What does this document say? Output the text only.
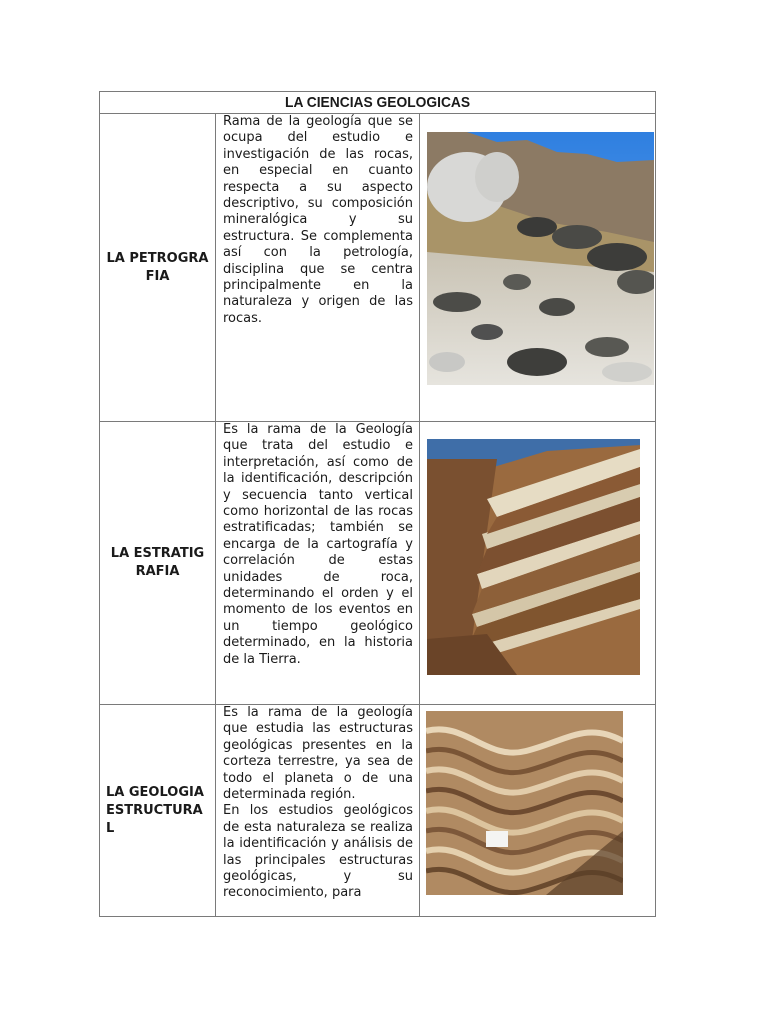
LA CIENCIAS GEOLOGICAS		
LA PETROGRAFIA	Rama de la geología que se ocupa del estudio e investigación de las rocas, en especial en cuanto respecta a su aspecto descriptivo, su composición mineralógica y su estructura. Se complementa así con la petrología, disciplina que se centra principalmente en la naturaleza y origen de las rocas.

LA ESTRATIGRAFIA	Es la rama de la Geología que trata del estudio e interpretación, así como de la identificación, descripción y secuencia tanto vertical como horizontal de las rocas estratificadas; también se encarga de la cartografía y correlación de estas unidades de roca, determinando el orden y el momento de los eventos en un tiempo geológico determinado, en la historia de la Tierra.

LA GEOLOGIA ESTRUCTURAL	Es la rama de la geología que estudia las estructuras geológicas presentes en la corteza terrestre, ya sea de todo el planeta o de una determinada región.

En los estudios geológicos de esta naturaleza se realiza la identificación y análisis de las principales estructuras geológicas, y su reconocimiento, para
